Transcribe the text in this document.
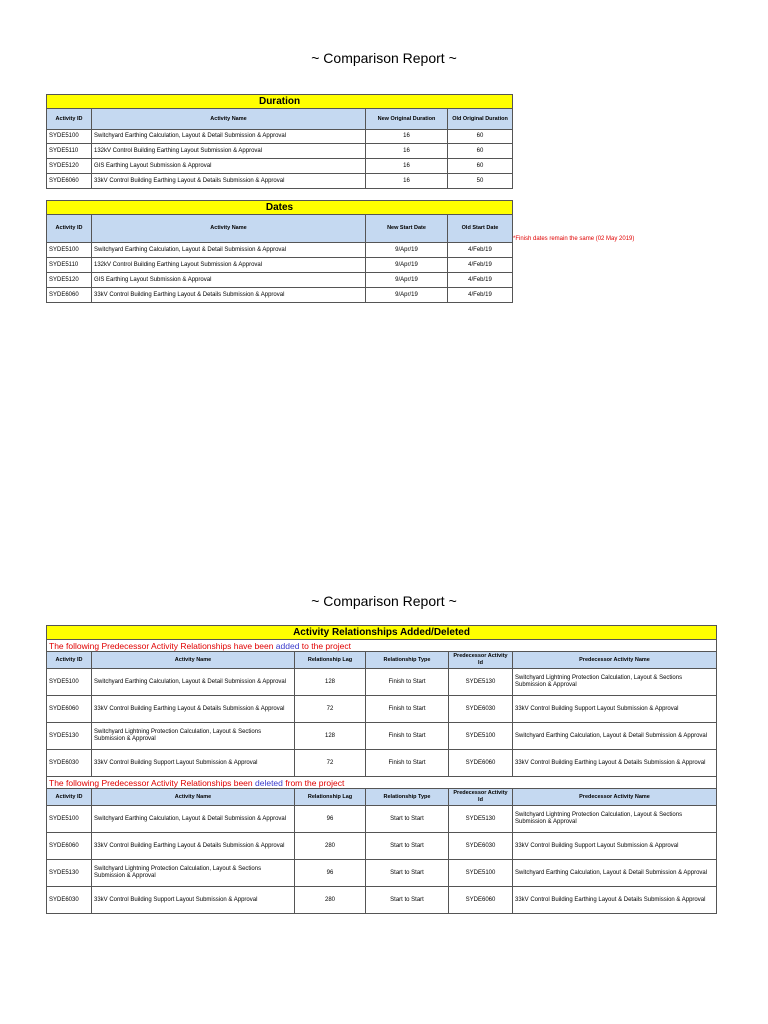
~ Comparison Report ~
Duration			
Activity ID	Activity Name	New Original Duration	Old Original Duration
SYDE5100	Switchyard Earthing Calculation, Layout & Detail Submission & Approval	16	60
SYDE5110	132kV Control Building Earthing Layout Submission & Approval	16	60
SYDE5120	GIS Earthing Layout Submission & Approval	16	60
SYDE6060	33kV Control Building Earthing Layout & Details Submission & Approval	16	50
Dates			
Activity ID	Activity Name	New Start Date	Old Start Date
SYDE5100	Switchyard Earthing Calculation, Layout & Detail Submission & Approval	9/Apr/19	4/Feb/19
SYDE5110	132kV Control Building Earthing Layout Submission & Approval	9/Apr/19	4/Feb/19
SYDE5120	GIS Earthing Layout Submission & Approval	9/Apr/19	4/Feb/19
SYDE6060	33kV Control Building Earthing Layout & Details Submission & Approval	9/Apr/19	4/Feb/19
*Finish dates remain the same (02 May 2019)
~ Comparison Report ~
Activity Relationships Added/Deleted					
The following Predecessor Activity Relationships have been added to the project					
Activity ID	Activity Name	Relationship Lag	Relationship Type	Predecessor Activity Id	Predecessor Activity Name
SYDE5100	Switchyard Earthing Calculation, Layout & Detail Submission & Approval	128	Finish to Start	SYDE5130	Switchyard Lightning Protection Calculation, Layout & Sections Submission & Approval
SYDE6060	33kV Control Building Earthing Layout & Details Submission & Approval	72	Finish to Start	SYDE6030	33kV Control Building Support Layout Submission & Approval
SYDE5130	Switchyard Lightning Protection Calculation, Layout & Sections Submission & Approval	128	Finish to Start	SYDE5100	Switchyard Earthing Calculation, Layout & Detail Submission & Approval
SYDE6030	33kV Control Building Support Layout Submission & Approval	72	Finish to Start	SYDE6060	33kV Control Building Earthing Layout & Details Submission & Approval
The following Predecessor Activity Relationships been deleted from the project					
Activity ID	Activity Name	Relationship Lag	Relationship Type	Predecessor Activity Id	Predecessor Activity Name
SYDE5100	Switchyard Earthing Calculation, Layout & Detail Submission & Approval	96	Start to Start	SYDE5130	Switchyard Lightning Protection Calculation, Layout & Sections Submission & Approval
SYDE6060	33kV Control Building Earthing Layout & Details Submission & Approval	280	Start to Start	SYDE6030	33kV Control Building Support Layout Submission & Approval
SYDE5130	Switchyard Lightning Protection Calculation, Layout & Sections Submission & Approval	96	Start to Start	SYDE5100	Switchyard Earthing Calculation, Layout & Detail Submission & Approval
SYDE6030	33kV Control Building Support Layout Submission & Approval	280	Start to Start	SYDE6060	33kV Control Building Earthing Layout & Details Submission & Approval
